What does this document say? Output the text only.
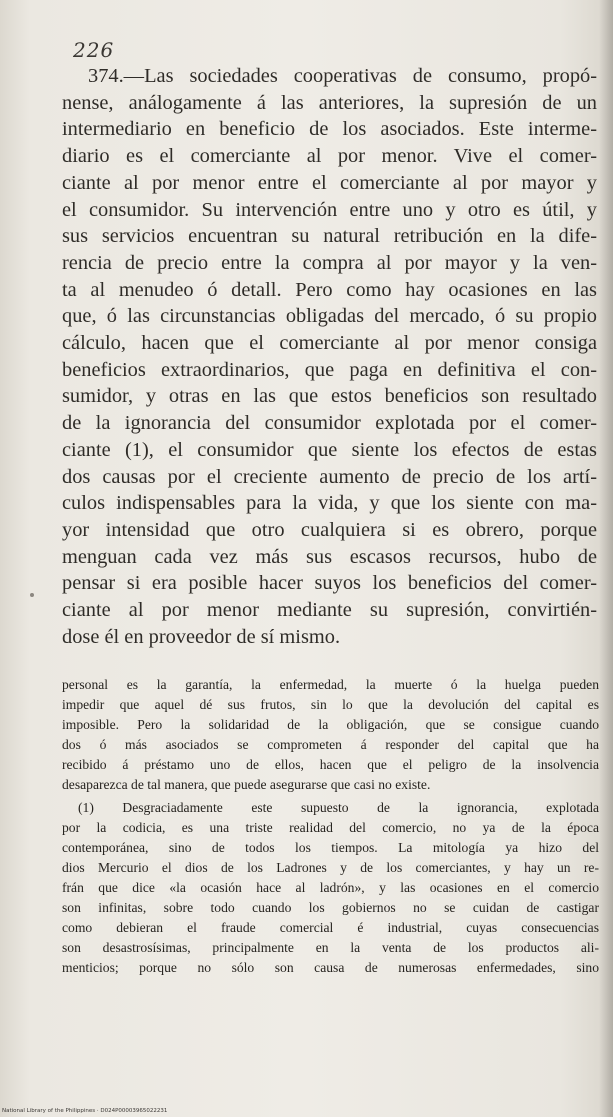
226

374.—Las sociedades cooperativas de consumo, propó-
nense, análogamente á las anteriores, la supresión de un
intermediario en beneficio de los asociados. Este interme-
diario es el comerciante al por menor. Vive el comer-
ciante al por menor entre el comerciante al por mayor y
el consumidor. Su intervención entre uno y otro es útil, y
sus servicios encuentran su natural retribución en la dife-
rencia de precio entre la compra al por mayor y la ven-
ta al menudeo ó detall. Pero como hay ocasiones en las
que, ó las circunstancias obligadas del mercado, ó su propio
cálculo, hacen que el comerciante al por menor consiga
beneficios extraordinarios, que paga en definitiva el con-
sumidor, y otras en las que estos beneficios son resultado
de la ignorancia del consumidor explotada por el comer-
ciante (1), el consumidor que siente los efectos de estas
dos causas por el creciente aumento de precio de los artí-
culos indispensables para la vida, y que los siente con ma-
yor intensidad que otro cualquiera si es obrero, porque
menguan cada vez más sus escasos recursos, hubo de
pensar si era posible hacer suyos los beneficios del comer-
ciante al por menor mediante su supresión, convirtién-
dose él en proveedor de sí mismo.
personal es la garantía, la enfermedad, la muerte ó la huelga pueden
impedir que aquel dé sus frutos, sin lo que la devolución del capital es
imposible. Pero la solidaridad de la obligación, que se consigue cuando
dos ó más asociados se comprometen á responder del capital que ha
recibido á préstamo uno de ellos, hacen que el peligro de la insolvencia
desaparezca de tal manera, que puede asegurarse que casi no existe.
(1) Desgraciadamente este supuesto de la ignorancia, explotada
por la codicia, es una triste realidad del comercio, no ya de la época
contemporánea, sino de todos los tiempos. La mitología ya hizo del
dios Mercurio el dios de los Ladrones y de los comerciantes, y hay un re-
frán que dice «la ocasión hace al ladrón», y las ocasiones en el comercio
son infinitas, sobre todo cuando los gobiernos no se cuidan de castigar
como debieran el fraude comercial é industrial, cuyas consecuencias
son desastrosísimas, principalmente en la venta de los productos ali-
menticios; porque no sólo son causa de numerosas enfermedades, sino
National Library of the Philippines · D024P00003965022231
